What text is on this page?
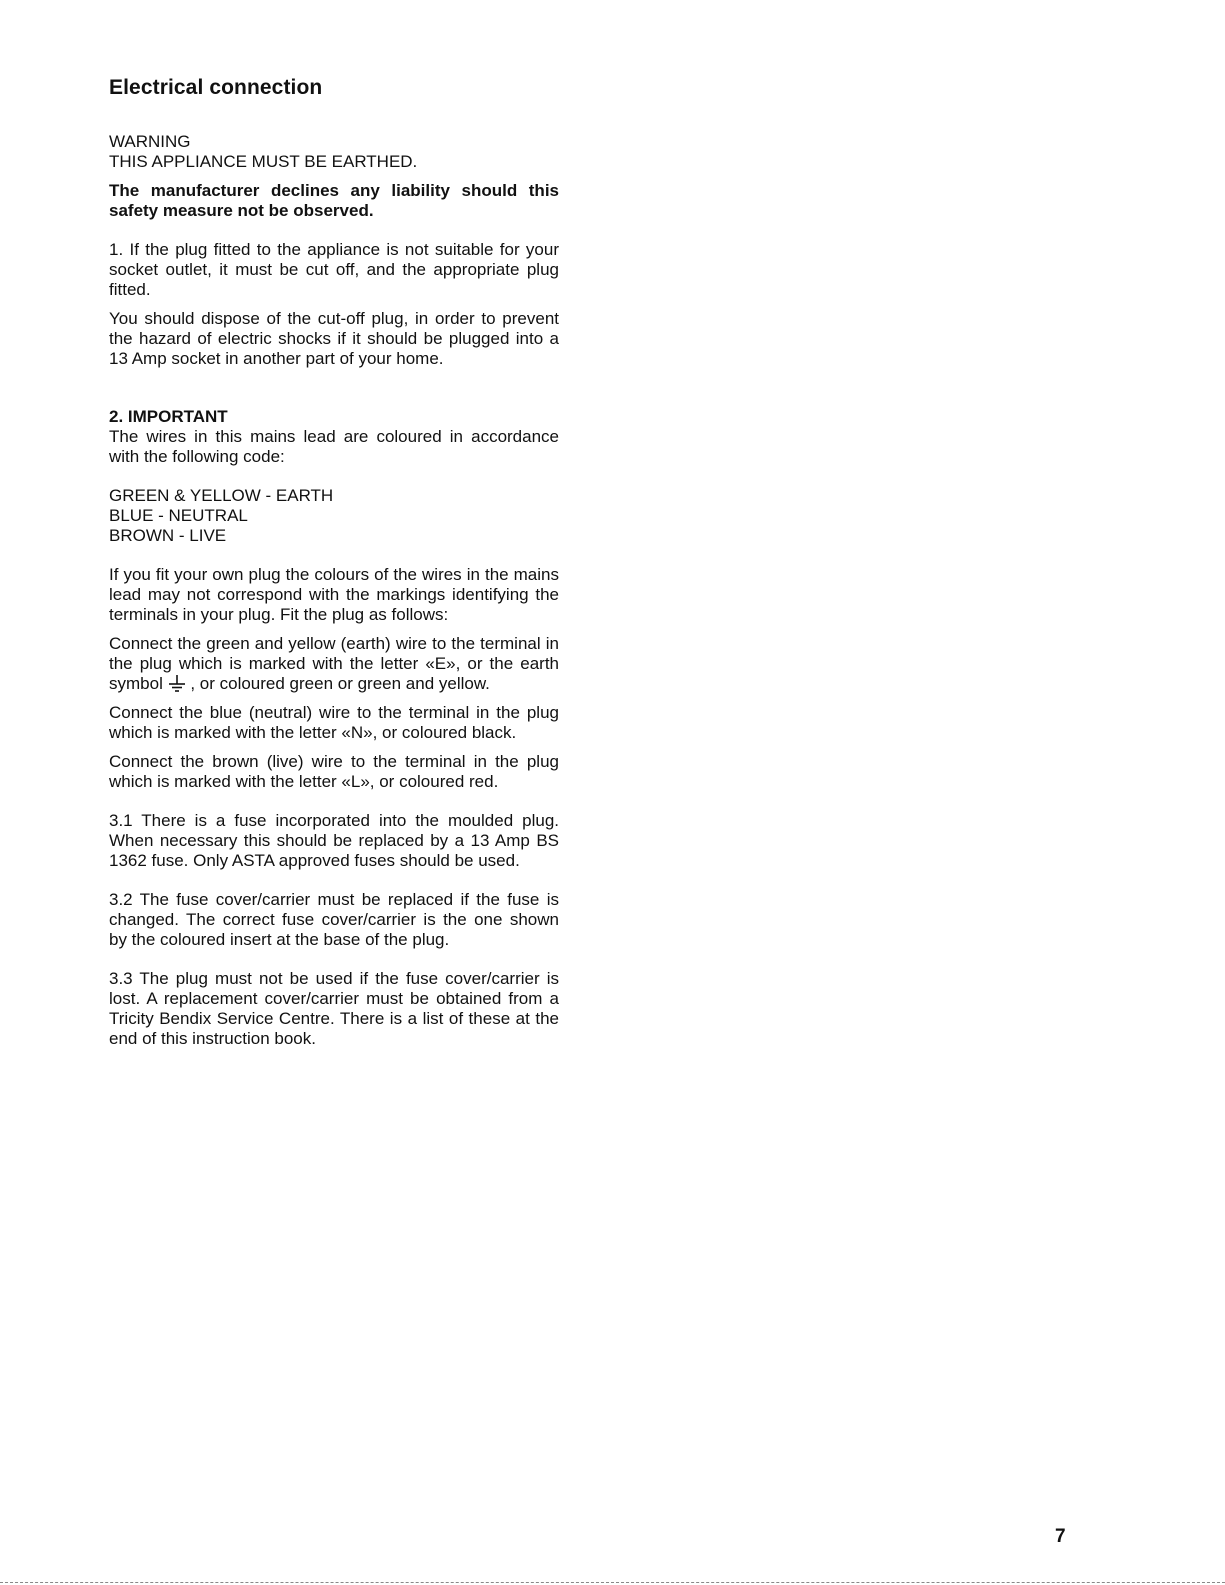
Electrical connection

WARNING

THIS APPLIANCE MUST BE EARTHED.

The manufacturer declines any liability should this safety measure not be observed.

1. If the plug fitted to the appliance is not suitable for your socket outlet, it must be cut off, and the appropriate plug fitted.

You should dispose of the cut-off plug, in order to prevent the hazard of electric shocks if it should be plugged into a 13 Amp socket in another part of your home.

2. IMPORTANT

The wires in this mains lead are coloured in accordance with the following code:

GREEN & YELLOW - EARTH

BLUE - NEUTRAL

BROWN - LIVE

If you fit your own plug the colours of the wires in the mains lead may not correspond with the markings identifying the terminals in your plug. Fit the plug as follows:

Connect the green and yellow (earth) wire to the terminal in the plug which is marked with the letter «E», or the earth symbol , or coloured green or green and yellow.

Connect the blue (neutral) wire to the terminal in the plug which is marked with the letter «N», or coloured black.

Connect the brown (live) wire to the terminal in the plug which is marked with the letter «L», or coloured red.

3.1 There is a fuse incorporated into the moulded plug. When necessary this should be replaced by a 13 Amp BS 1362 fuse. Only ASTA approved fuses should be used.

3.2 The fuse cover/carrier must be replaced if the fuse is changed. The correct fuse cover/carrier is the one shown by the coloured insert at the base of the plug.

3.3 The plug must not be used if the fuse cover/carrier is lost. A replacement cover/carrier must be obtained from a Tricity Bendix Service Centre. There is a list of these at the end of this instruction book.

7
